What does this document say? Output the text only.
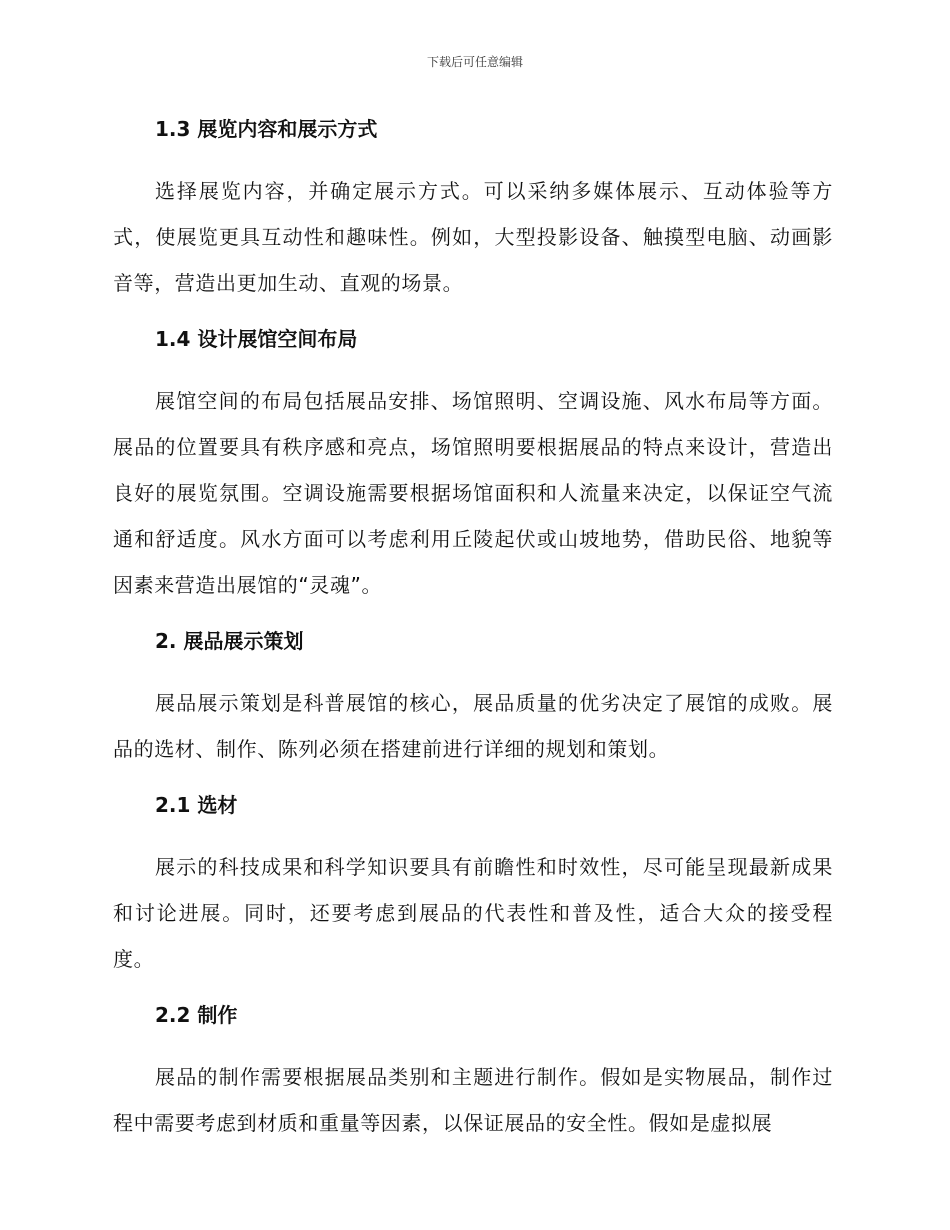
下载后可任意编辑
1.3 展览内容和展示方式

选择展览内容，并确定展示方式。可以采纳多媒体展示、互动体验等方式，使展览更具互动性和趣味性。例如，大型投影设备、触摸型电脑、动画影音等，营造出更加生动、直观的场景。

1.4 设计展馆空间布局

展馆空间的布局包括展品安排、场馆照明、空调设施、风水布局等方面。展品的位置要具有秩序感和亮点，场馆照明要根据展品的特点来设计，营造出良好的展览氛围。空调设施需要根据场馆面积和人流量来决定，以保证空气流通和舒适度。风水方面可以考虑利用丘陵起伏或山坡地势，借助民俗、地貌等因素来营造出展馆的“灵魂”。

2. 展品展示策划

展品展示策划是科普展馆的核心，展品质量的优劣决定了展馆的成败。展品的选材、制作、陈列必须在搭建前进行详细的规划和策划。

2.1 选材

展示的科技成果和科学知识要具有前瞻性和时效性，尽可能呈现最新成果和讨论进展。同时，还要考虑到展品的代表性和普及性，适合大众的接受程度。

2.2 制作

展品的制作需要根据展品类别和主题进行制作。假如是实物展品，制作过程中需要考虑到材质和重量等因素，以保证展品的安全性。假如是虚拟展
